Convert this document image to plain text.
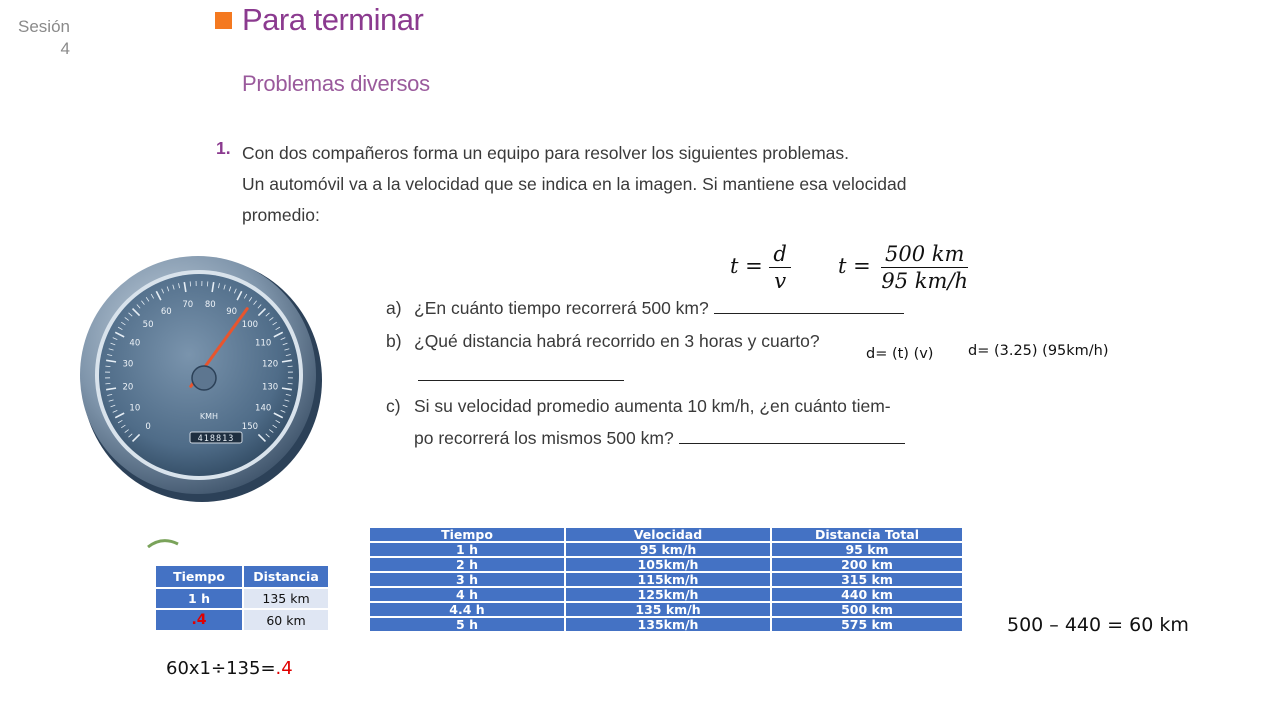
Sesión
4
Para terminar
Problemas diversos
1. Con dos compañeros forma un equipo para resolver los siguientes problemas.
Un automóvil va a la velocidad que se indica en la imagen. Si mantiene esa velocidad
promedio:
0
10
20
30
40
50
60
70 80
90
100
110
120
130
140
150
KMH
418813
$t = \frac{d}{v}$ $t = \frac{500 km}{95 km/h}$
a) ¿En cuánto tiempo recorrerá 500 km?
b) ¿Qué distancia habrá recorrido en 3 horas y cuarto?
c) Si su velocidad promedio aumenta 10 km/h, ¿en cuánto tiem-
po recorrerá los mismos 500 km?
d= (t) (v) d= (3.25) (95km/h)
Tiempo	Distancia
1 h	135 km
.4	60 km
60x1÷135=.4
Tiempo	Velocidad	Distancia Total
1 h	95 km/h	95 km
2 h	105km/h	200 km
3 h	115km/h	315 km
4 h	125km/h	440 km
4.4 h	135 km/h	500 km
5 h	135km/h	575 km	500 – 440 = 60 km
